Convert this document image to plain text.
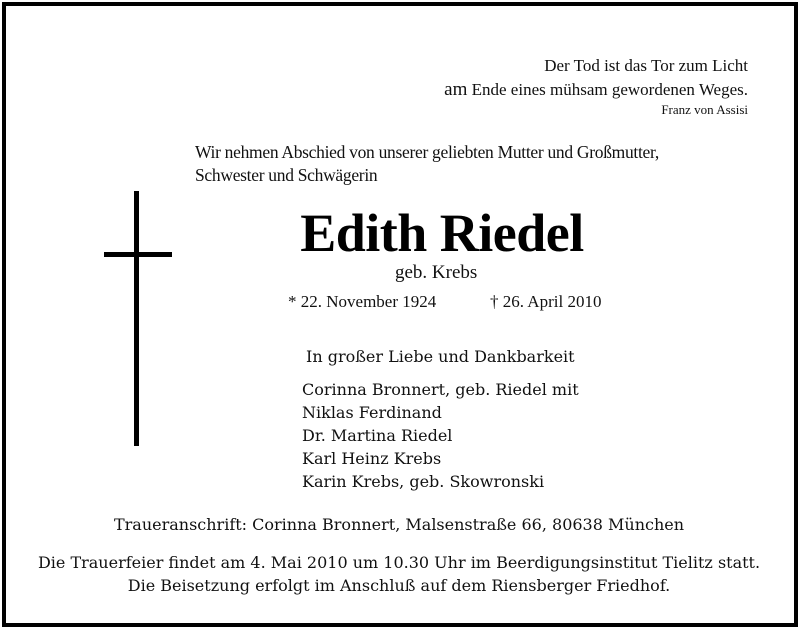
Der Tod ist das Tor zum Licht
am Ende eines mühsam gewordenen Weges.
Franz von Assisi
Wir nehmen Abschied von unserer geliebten Mutter und Großmutter,
Schwester und Schwägerin
Edith Riedel
geb. Krebs
* 22. November 1924	† 26. April 2010
In großer Liebe und Dankbarkeit
Corinna Bronnert, geb. Riedel mit
Niklas Ferdinand
Dr. Martina Riedel
Karl Heinz Krebs
Karin Krebs, geb. Skowronski
Traueranschrift: Corinna Bronnert, Malsenstraße 66, 80638 München
Die Trauerfeier findet am 4. Mai 2010 um 10.30 Uhr im Beerdigungsinstitut Tielitz statt.
Die Beisetzung erfolgt im Anschluß auf dem Riensberger Friedhof.
